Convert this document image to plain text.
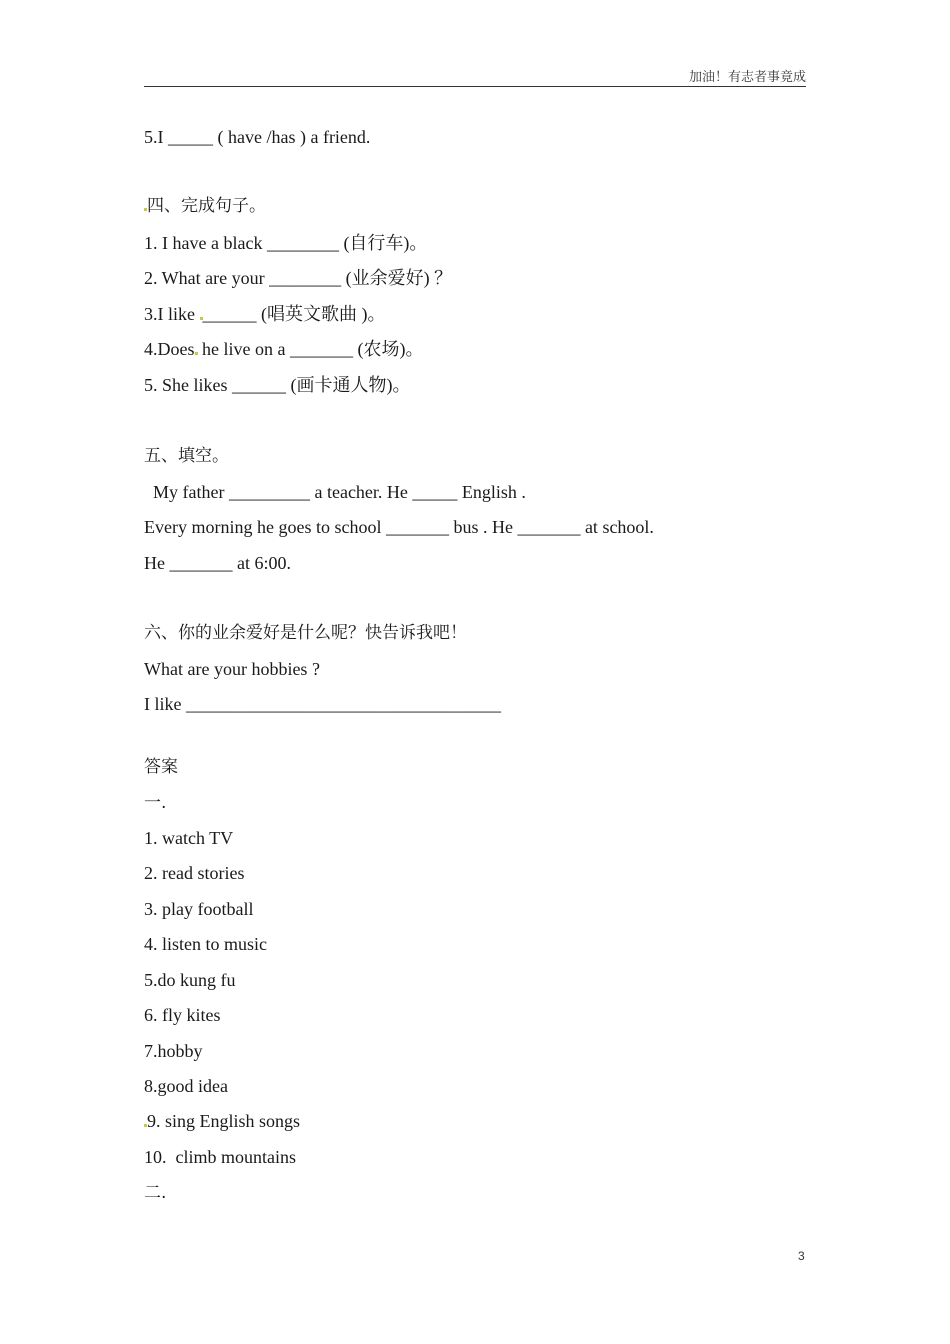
加油！有志者事竟成
5.I _____ ( have /has ) a friend.
四、完成句子。
1. I have a black ________ (自行车)。
2. What are your ________ (业余爱好) ？
3.I like ______ (唱英文歌曲 )。
4.Does he live on a _______ (农场)。
5. She likes ______ (画卡通人物)。
五、填空。
My father _________ a teacher. He _____ English .
Every morning he goes to school _______ bus . He _______ at school.
He _______ at 6:00.
六、你的业余爱好是什么呢？快告诉我吧！
What are your hobbies ?
I like ___________________________________
答案
一.
1. watch TV
2. read stories
3. play football
4. listen to music
5.do kung fu
6. fly kites
7.hobby
8.good idea
9. sing English songs
10.  climb mountains
二.
3
